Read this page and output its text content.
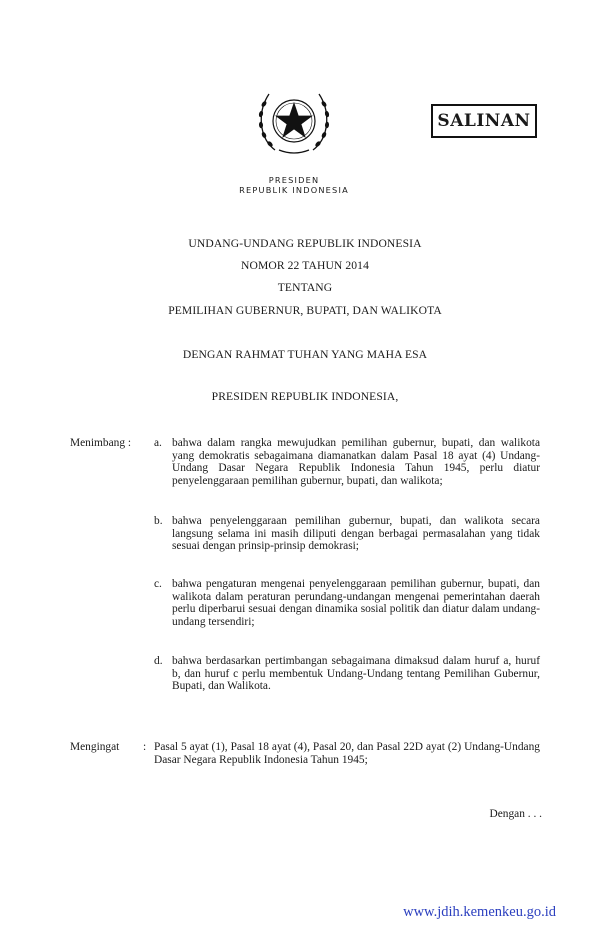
SALINAN
PRESIDEN
REPUBLIK INDONESIA
UNDANG-UNDANG REPUBLIK INDONESIA
NOMOR 22 TAHUN 2014
TENTANG
PEMILIHAN GUBERNUR, BUPATI, DAN WALIKOTA
DENGAN RAHMAT TUHAN YANG MAHA ESA
PRESIDEN REPUBLIK INDONESIA,
Menimbang : a. bahwa dalam rangka mewujudkan pemilihan gubernur, bupati, dan walikota yang demokratis sebagaimana diamanatkan dalam Pasal 18 ayat (4) Undang-Undang Dasar Negara Republik Indonesia Tahun 1945, perlu diatur penyelenggaraan pemilihan gubernur, bupati, dan walikota;

b. bahwa penyelenggaraan pemilihan gubernur, bupati, dan walikota secara langsung selama ini masih diliputi dengan berbagai permasalahan yang tidak sesuai dengan prinsip-prinsip demokrasi;

c. bahwa pengaturan mengenai penyelenggaraan pemilihan gubernur, bupati, dan walikota dalam peraturan perundang-undangan mengenai pemerintahan daerah perlu diperbarui sesuai dengan dinamika sosial politik dan diatur dalam undang-undang tersendiri;

d. bahwa berdasarkan pertimbangan sebagaimana dimaksud dalam huruf a, huruf b, dan huruf c perlu membentuk Undang-Undang tentang Pemilihan Gubernur, Bupati, dan Walikota.

Mengingat : Pasal 5 ayat (1), Pasal 18 ayat (4), Pasal 20, dan Pasal 22D ayat (2) Undang-Undang Dasar Negara Republik Indonesia Tahun 1945;

Dengan . . .
www.jdih.kemenkeu.go.id
